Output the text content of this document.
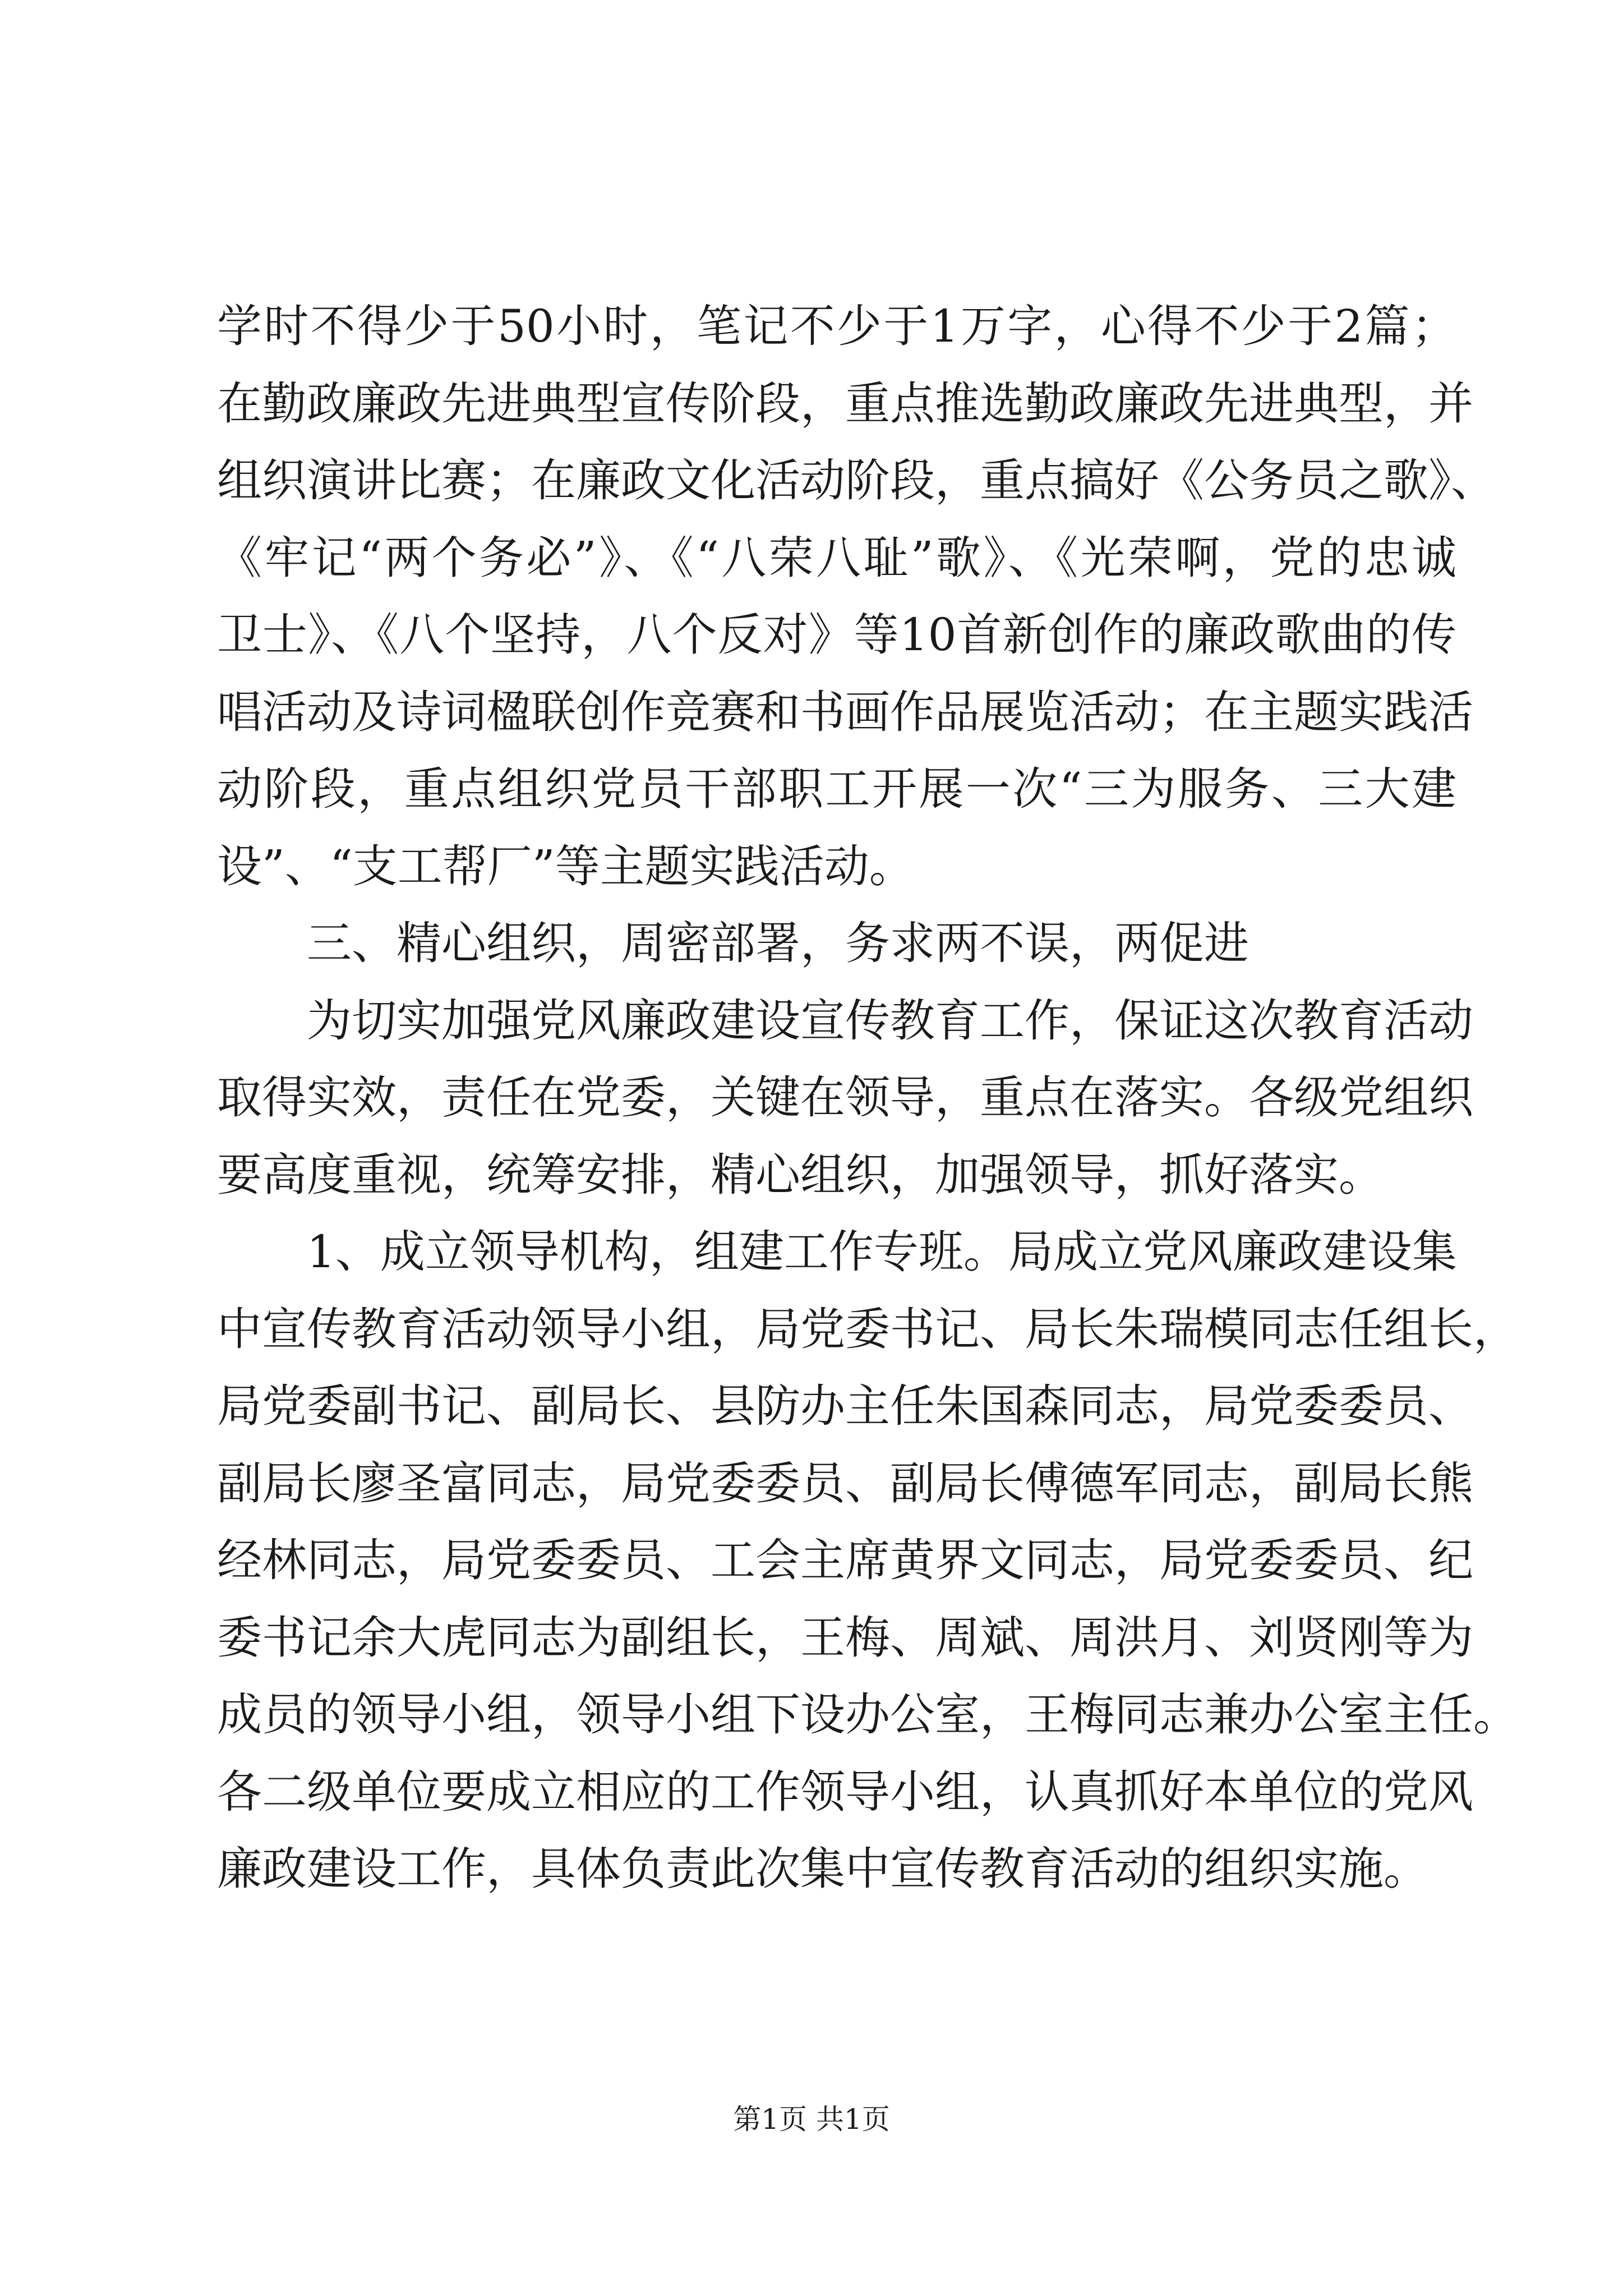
学时不得少于50小时，笔记不少于1万字，心得不少于2篇；
在勤政廉政先进典型宣传阶段，重点推选勤政廉政先进典型，并
组织演讲比赛；在廉政文化活动阶段，重点搞好《公务员之歌》、
《牢记“两个务必”》、《“八荣八耻”歌》、《光荣啊，党的忠诚
卫士》、《八个坚持，八个反对》等10首新创作的廉政歌曲的传
唱活动及诗词楹联创作竞赛和书画作品展览活动；在主题实践活
动阶段，重点组织党员干部职工开展一次“三为服务、三大建
设”、“支工帮厂”等主题实践活动。
三、精心组织，周密部署，务求两不误，两促进
为切实加强党风廉政建设宣传教育工作，保证这次教育活动
取得实效，责任在党委，关键在领导，重点在落实。各级党组织
要高度重视，统筹安排，精心组织，加强领导，抓好落实。
1、成立领导机构，组建工作专班。局成立党风廉政建设集
中宣传教育活动领导小组，局党委书记、局长朱瑞模同志任组长，
局党委副书记、副局长、县防办主任朱国森同志，局党委委员、
副局长廖圣富同志，局党委委员、副局长傅德军同志，副局长熊
经林同志，局党委委员、工会主席黄界文同志，局党委委员、纪
委书记余大虎同志为副组长，王梅、周斌、周洪月、刘贤刚等为
成员的领导小组，领导小组下设办公室，王梅同志兼办公室主任。
各二级单位要成立相应的工作领导小组，认真抓好本单位的党风
廉政建设工作，具体负责此次集中宣传教育活动的组织实施。
第1页 共1页
